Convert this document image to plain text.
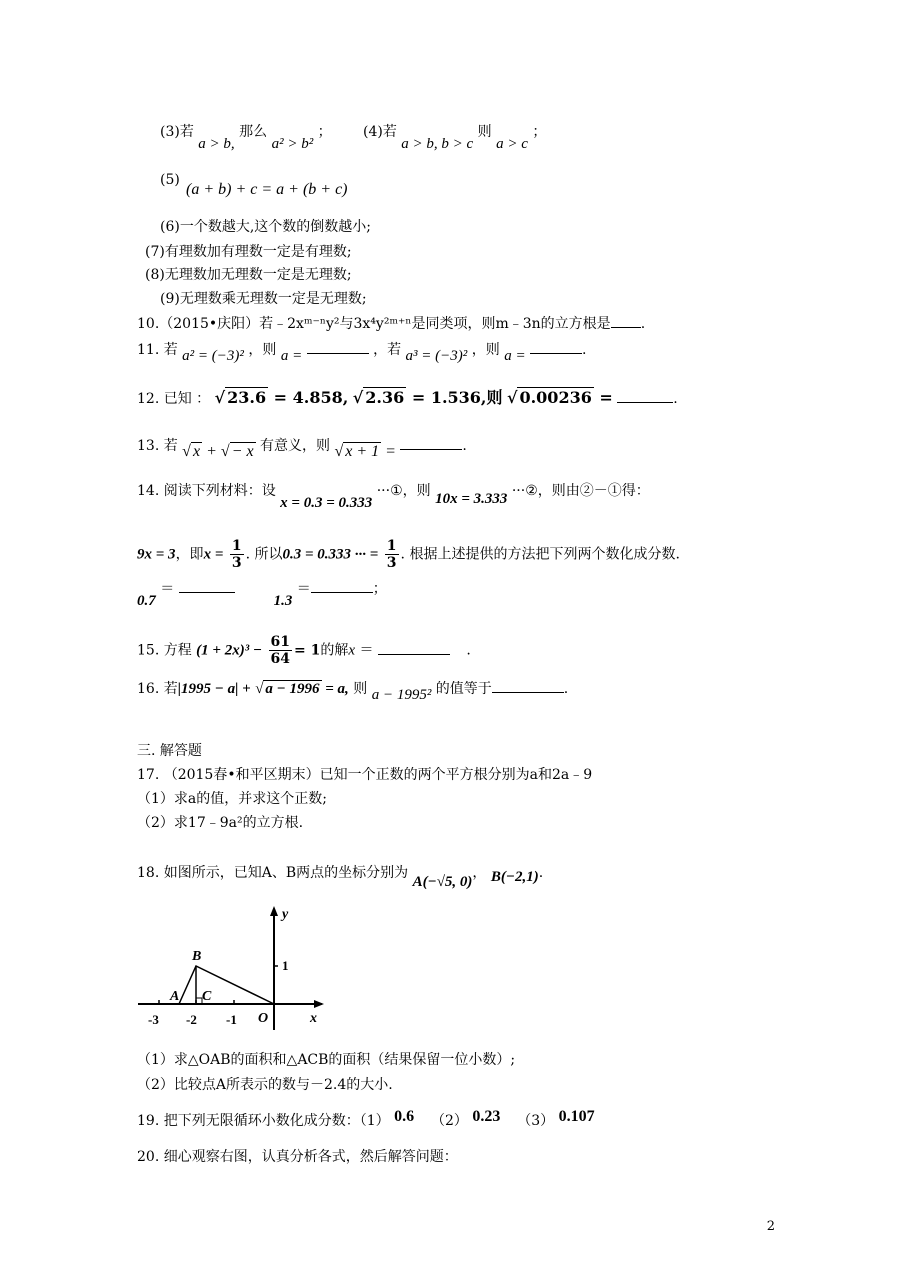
(3)若 a > b, 那么 a² > b² ； (4)若 a > b, b > c 则 a > c ；
(5)
(a + b) + c = a + (b + c)
(6)一个数越大,这个数的倒数越小;
(7)有理数加有理数一定是有理数;
(8)无理数加无理数一定是无理数;
(9)无理数乘无理数一定是无理数;
10.（2015•庆阳）若﹣2xᵐ⁻ⁿy²与3x⁴y²ᵐ⁺ⁿ是同类项，则m﹣3n的立方根是 .
11. 若 a² = (−3)² ，则 a =	，若 a³ = (−3)² ，则 a =	.
12. 已知 ： √ 23.6 = 4.858, √ 2.36 = 1.536,则 √ 0.00236 =	.
13. 若 √ x + √ − x 有意义，则 √ x + 1 =	.
14. 阅读下列材料：设 x = 0.3 = 0.333 ···①，则 10x = 3.333 ···②，则由②－①得：
9x = 3，即$x = \frac{1}{3}$ . 所以0.3 = 0.333 ··· = $\frac{1}{3}$ . 根据上述提供的方法把下列两个数化成分数.
0.7 ＝   1.3 ＝	；
15. 方程 $(1 + 2x)^3 - \frac{61}{64} = 1$的解x ＝	.
16. 若|1995 − a| + √ a − 1996 = a, 则 a − 1995² 的值等于	.
三. 解答题
17. （2015春•和平区期末）已知一个正数的两个平方根分别为a和2a﹣9
（1）求a的值，并求这个正数;
（2）求17﹣9a²的立方根.
18. 如图所示，已知A、B两点的坐标分别为 A(−√5, 0)， B(−2,1).
y
x
1
-3 -2 -1 O
A
B
C
（1）求△OAB的面积和△ACB的面积（结果保留一位小数）;
（2）比较点A所表示的数与－2.4的大小.
19. 把下列无限循环小数化成分数：（1） 0.6 （2） 0.23 （3） 0.107
20. 细心观察右图，认真分析各式，然后解答问题：
2
